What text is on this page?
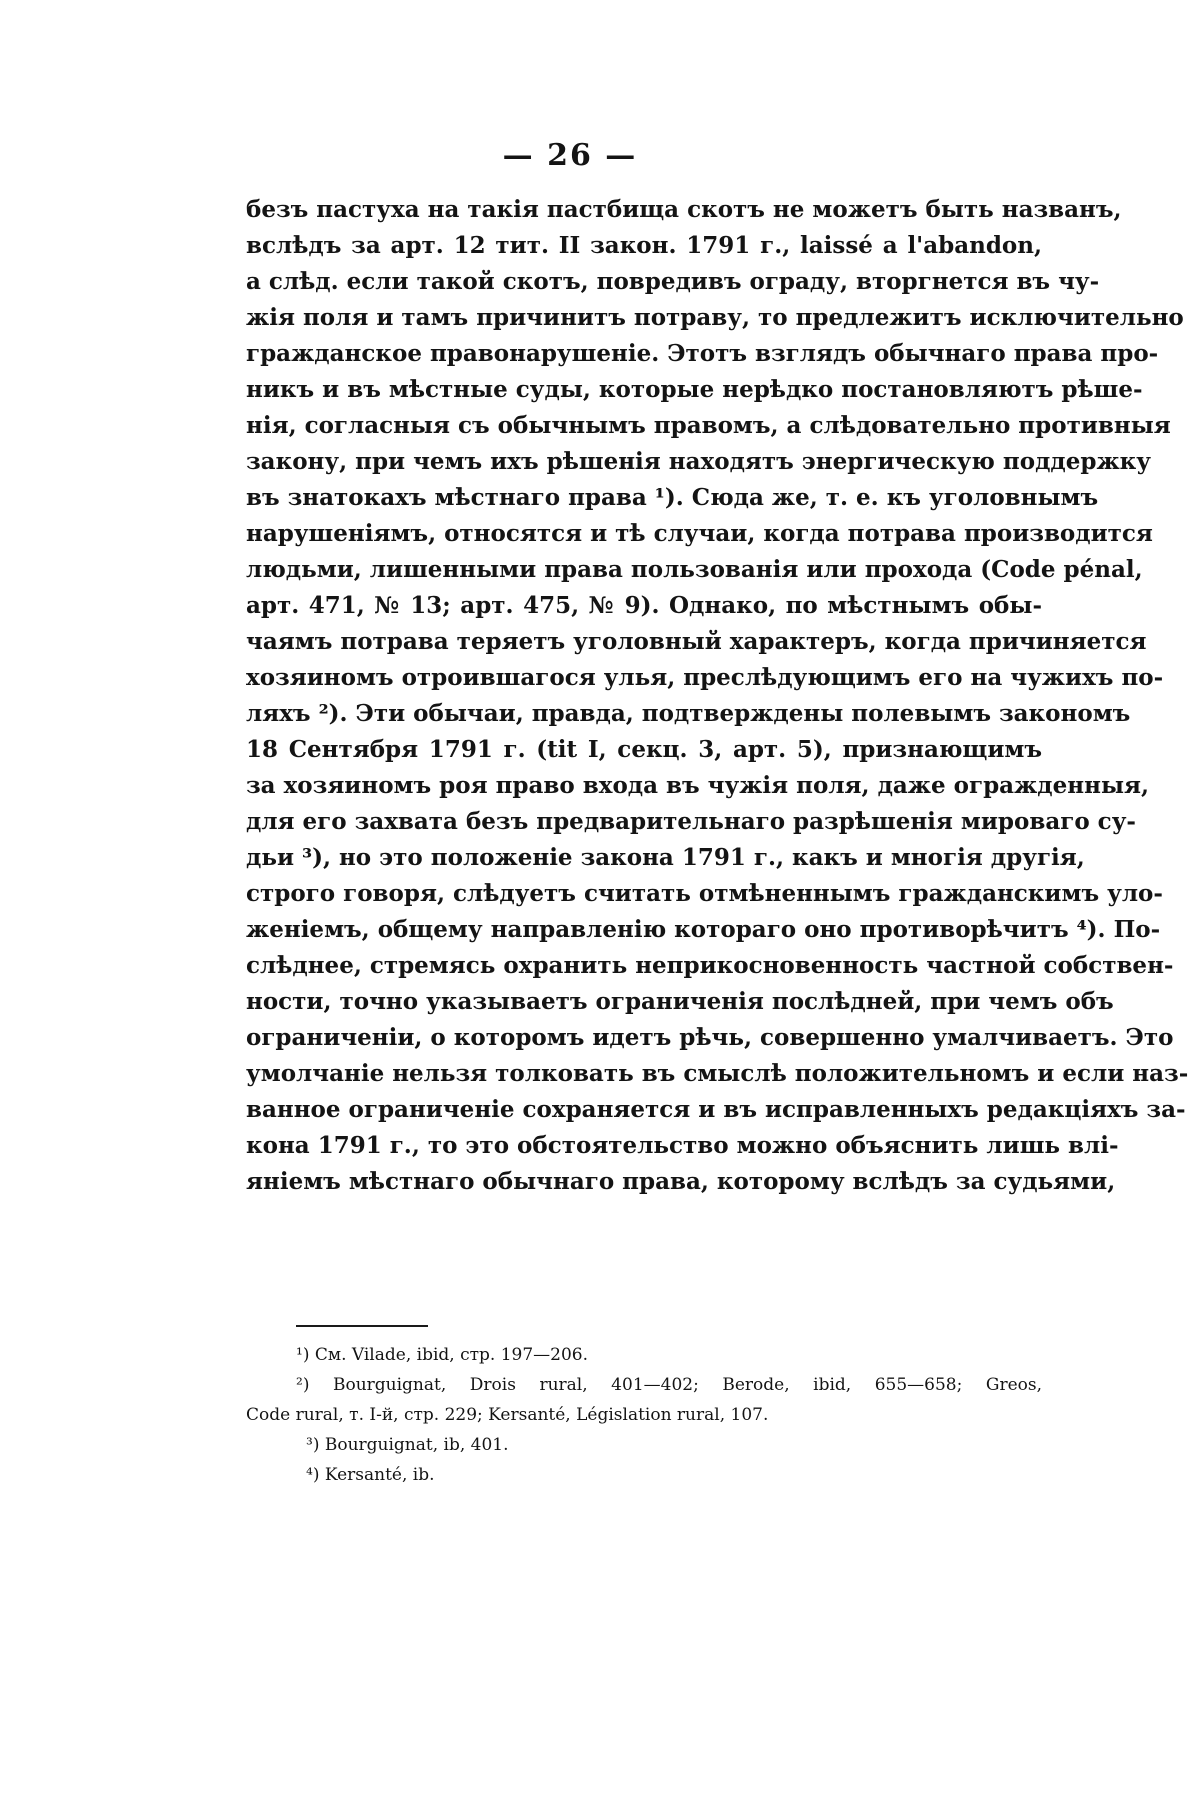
— 26 —
безъ пастуха на такія пастбища скотъ не можетъ быть названъ,
вслѣдъ за арт. 12 тит. II закон. 1791 г., laissé a l'abandon,
а слѣд. если такой скотъ, повредивъ ограду, вторгнется въ чу-
жія поля и тамъ причинитъ потраву, то предлежитъ исключительно
гражданское правонарушеніе. Этотъ взглядъ обычнаго права про-
никъ и въ мѣстные суды, которые нерѣдко постановляютъ рѣше-
нія, согласныя съ обычнымъ правомъ, а слѣдовательно противныя
закону, при чемъ ихъ рѣшенія находятъ энергическую поддержку
въ знатокахъ мѣстнаго права ¹). Сюда же, т. е. къ уголовнымъ
нарушеніямъ, относятся и тѣ случаи, когда потрава производится
людьми, лишенными права пользованія или прохода (Code pénal,
арт. 471, № 13; арт. 475, № 9). Однако, по мѣстнымъ обы-
чаямъ потрава теряетъ уголовный характеръ, когда причиняется
хозяиномъ отроившагося улья, преслѣдующимъ его на чужихъ по-
ляхъ ²). Эти обычаи, правда, подтверждены полевымъ закономъ
18 Сентября 1791 г. (tit I, секц. 3, арт. 5), признающимъ
за хозяиномъ роя право входа въ чужія поля, даже огражденныя,
для его захвата безъ предварительнаго разрѣшенія мироваго су-
дьи ³), но это положеніе закона 1791 г., какъ и многія другія,
строго говоря, слѣдуетъ считать отмѣненнымъ гражданскимъ уло-
женіемъ, общему направленію котораго оно противорѣчитъ ⁴). По-
слѣднее, стремясь охранить неприкосновенность частной собствен-
ности, точно указываетъ ограниченія послѣдней, при чемъ объ
ограниченіи, о которомъ идетъ рѣчь, совершенно умалчиваетъ. Это
умолчаніе нельзя толковать въ смыслѣ положительномъ и если наз-
ванное ограниченіе сохраняется и въ исправленныхъ редакціяхъ за-
кона 1791 г., то это обстоятельство можно объяснить лишь влі-
яніемъ мѣстнаго обычнаго права, которому вслѣдъ за судьями,
¹) См. Vilade, ibid, стр. 197—206.
²) Bourguignat, Drois rural, 401—402; Berode, ibid, 655—658; Greos,
Code rural, т. I-й, стр. 229; Kersanté, Législation rural, 107.
³) Bourguignat, ib, 401.
⁴) Kersanté, ib.
